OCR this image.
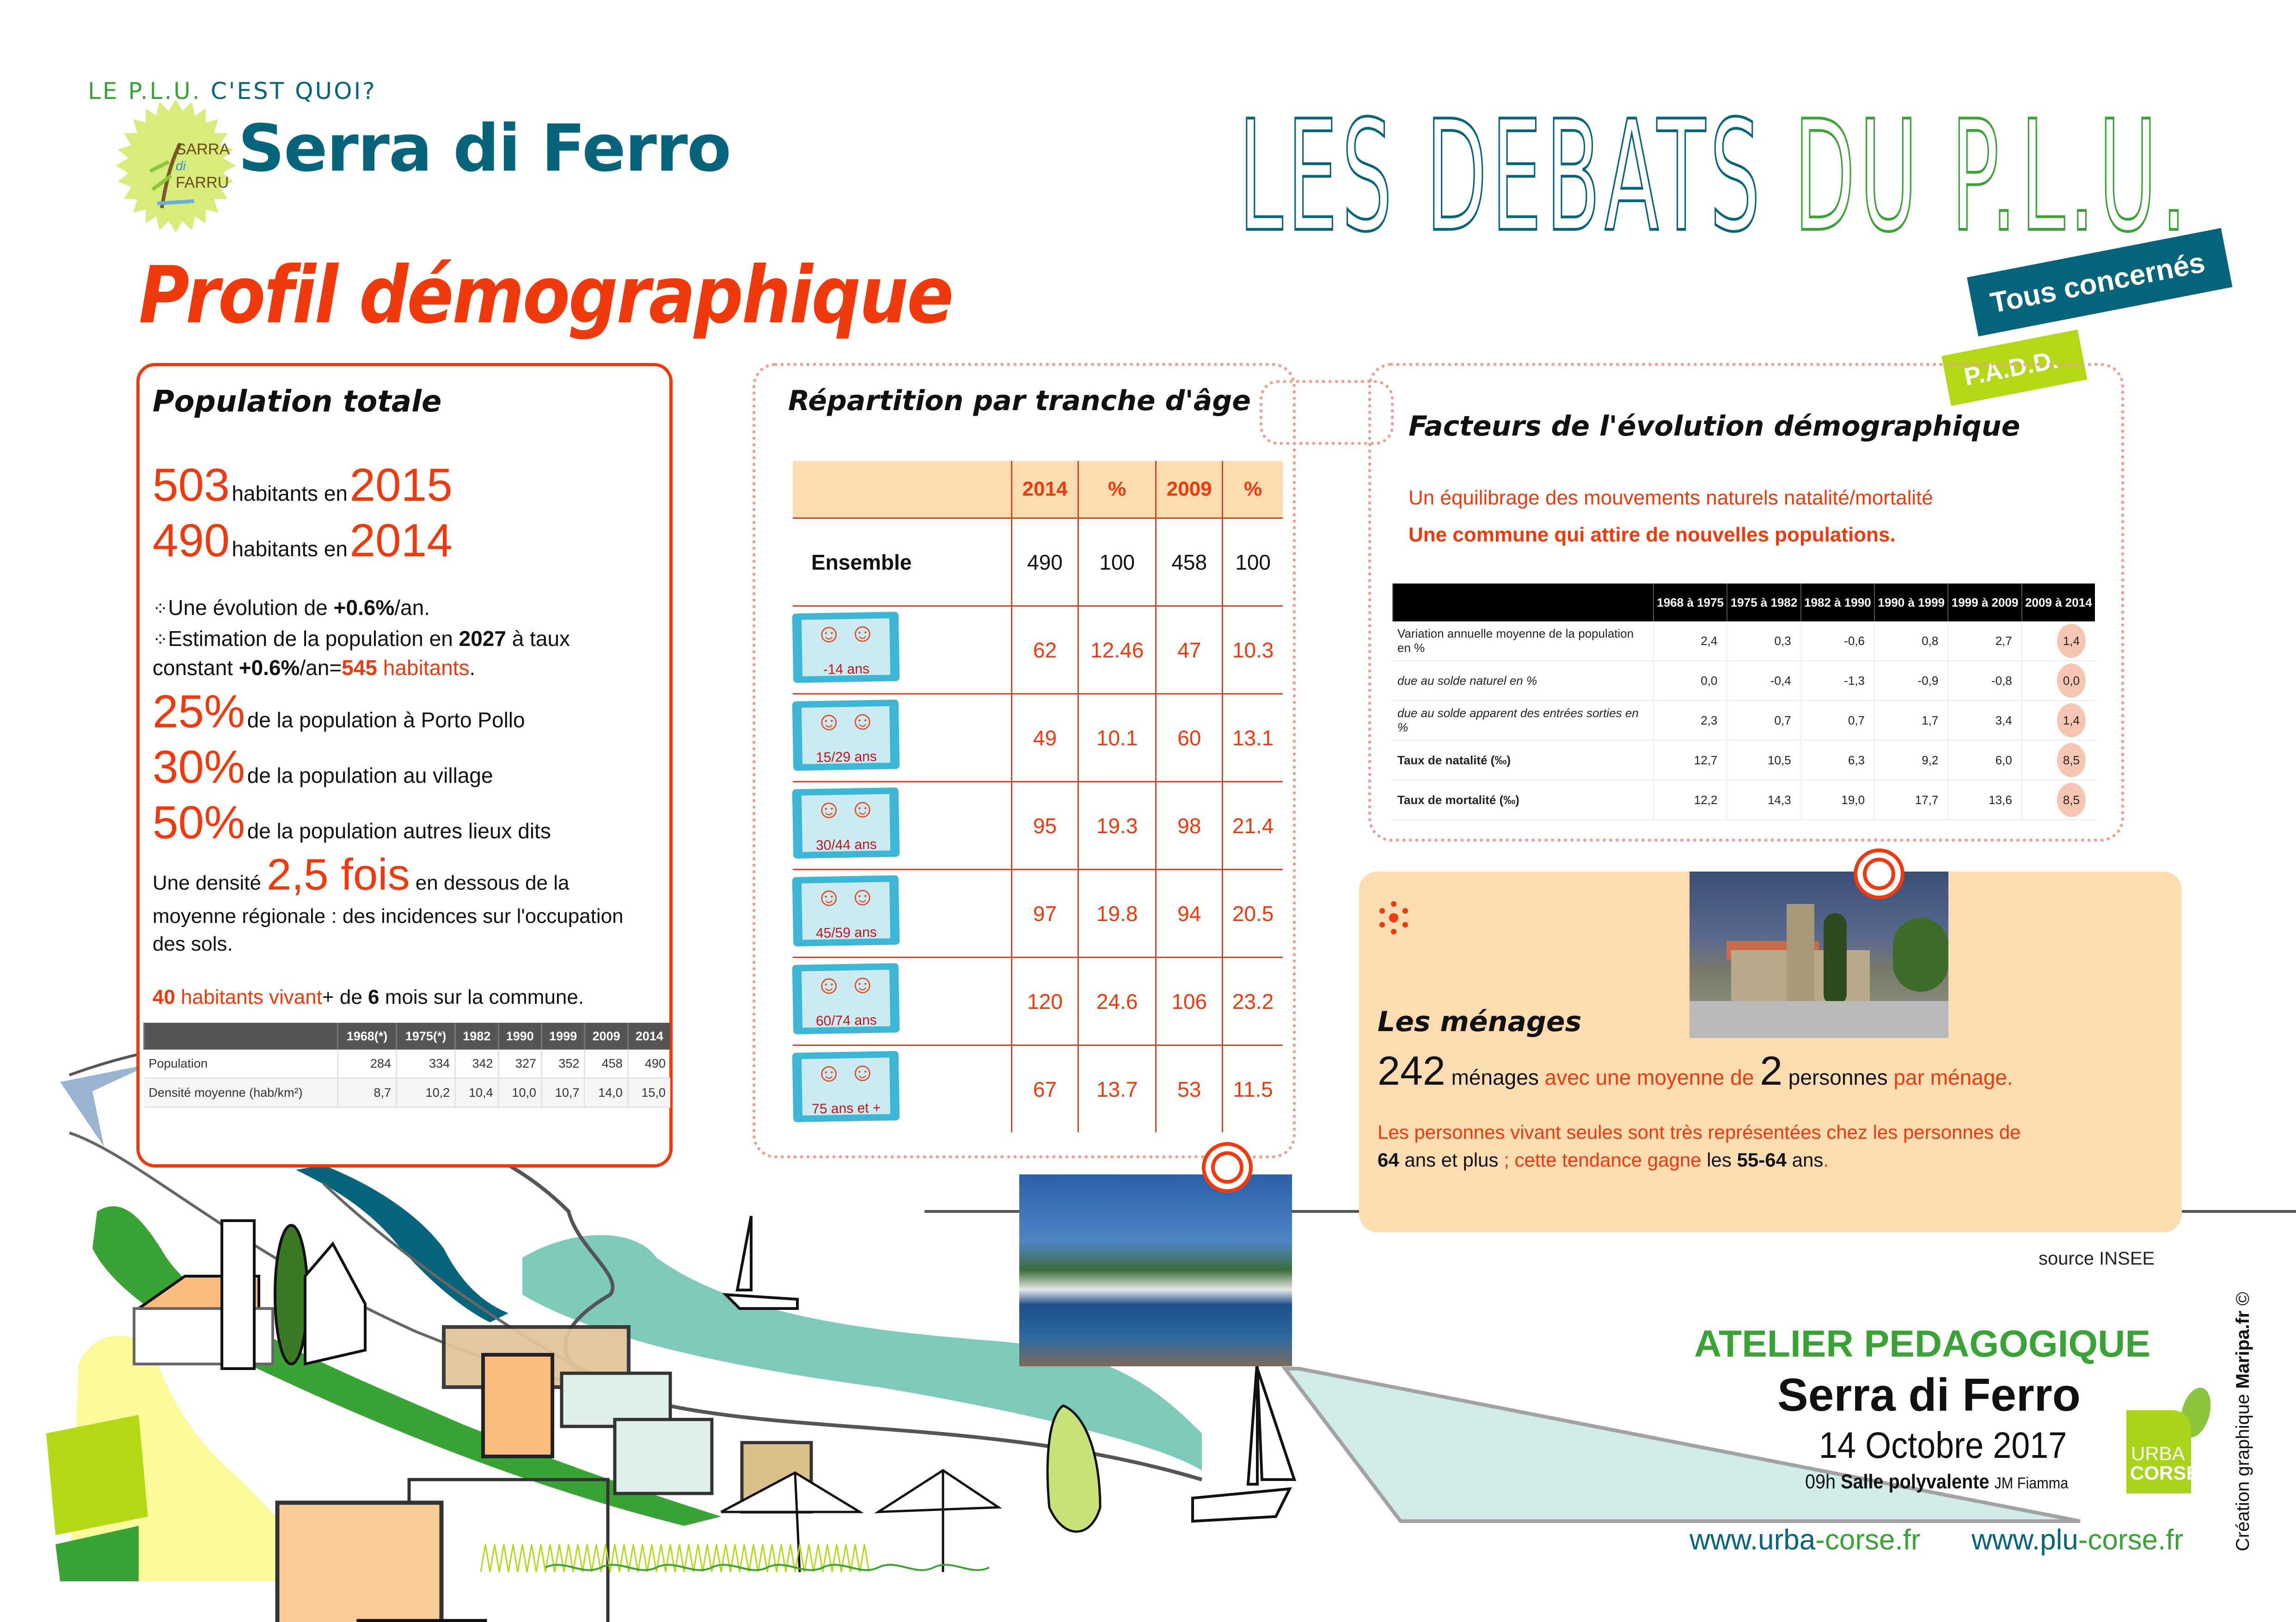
SARRA
di
FARRU
LE P.L.U. C'EST QUOI?
Serra di Ferro	LES DEBATS DU P.L.U.
Tous concernés
P.A.D.D.
Profil démographique
Population totale
503 habitants en 2015
490 habitants en 2014
⁘Une évolution de +0.6%/an.
⁘Estimation de la population en 2027 à taux
constant +0.6%/an=545 habitants.
25% de la population à Porto Pollo
30% de la population au village
50% de la population autres lieux dits
Une densité 2,5 fois en dessous de la
moyenne régionale : des incidences sur l'occupation
des sols.
40 habitants vivant+ de 6 mois sur la commune.
	1968(*)	1975(*)	1982	1990	1999	2009	2014
Population	284	334	342	327	352	458	490
Densité moyenne (hab/km²)	8,7	10,2	10,4	10,0	10,7	14,0	15,0
Répartition par tranche d'âge
	2014	%	2009	%
Ensemble	490	100	458	100

☺ ☺
-14 ans
	62	12.46	47	10.3

☺ ☺
15/29 ans
	49	10.1	60	13.1

☺ ☺
30/44 ans
	95	19.3	98	21.4

☺ ☺
45/59 ans
	97	19.8	94	20.5

☺ ☺
60/74 ans
	120	24.6	106	23.2

☺ ☺
75 ans et +
	67	13.7	53	11.5
Facteurs de l'évolution démographique
Un équilibrage des mouvements naturels natalité/mortalité
Une commune qui attire de nouvelles populations.
	1968 à 1975	1975 à 1982	1982 à 1990	1990 à 1999	1999 à 2009	2009 à 2014
Variation annuelle moyenne de la population en %	2,4	0,3	-0,6	0,8	2,7	1,4
due au solde naturel en %	0,0	-0,4	-1,3	-0,9	-0,8	0,0
due au solde apparent des entrées sorties en %	2,3	0,7	0,7	1,7	3,4	1,4
Taux de natalité (‰)	12,7	10,5	6,3	9,2	6,0	8,5
Taux de mortalité (‰)	12,2	14,3	19,0	17,7	13,6	8,5
Les ménages
242 ménages avec une moyenne de 2 personnes par ménage.
Les personnes vivant seules sont très représentées chez les personnes de
64 ans et plus ; cette tendance gagne les 55-64 ans.
source INSEE
ATELIER PEDAGOGIQUE
Serra di Ferro
14 Octobre 2017
09h Salle polyvalente JM Fiamma
www.urba-corse.fr www.plu-corse.fr
URBA
CORSE Création graphique Maripa.fr ©
